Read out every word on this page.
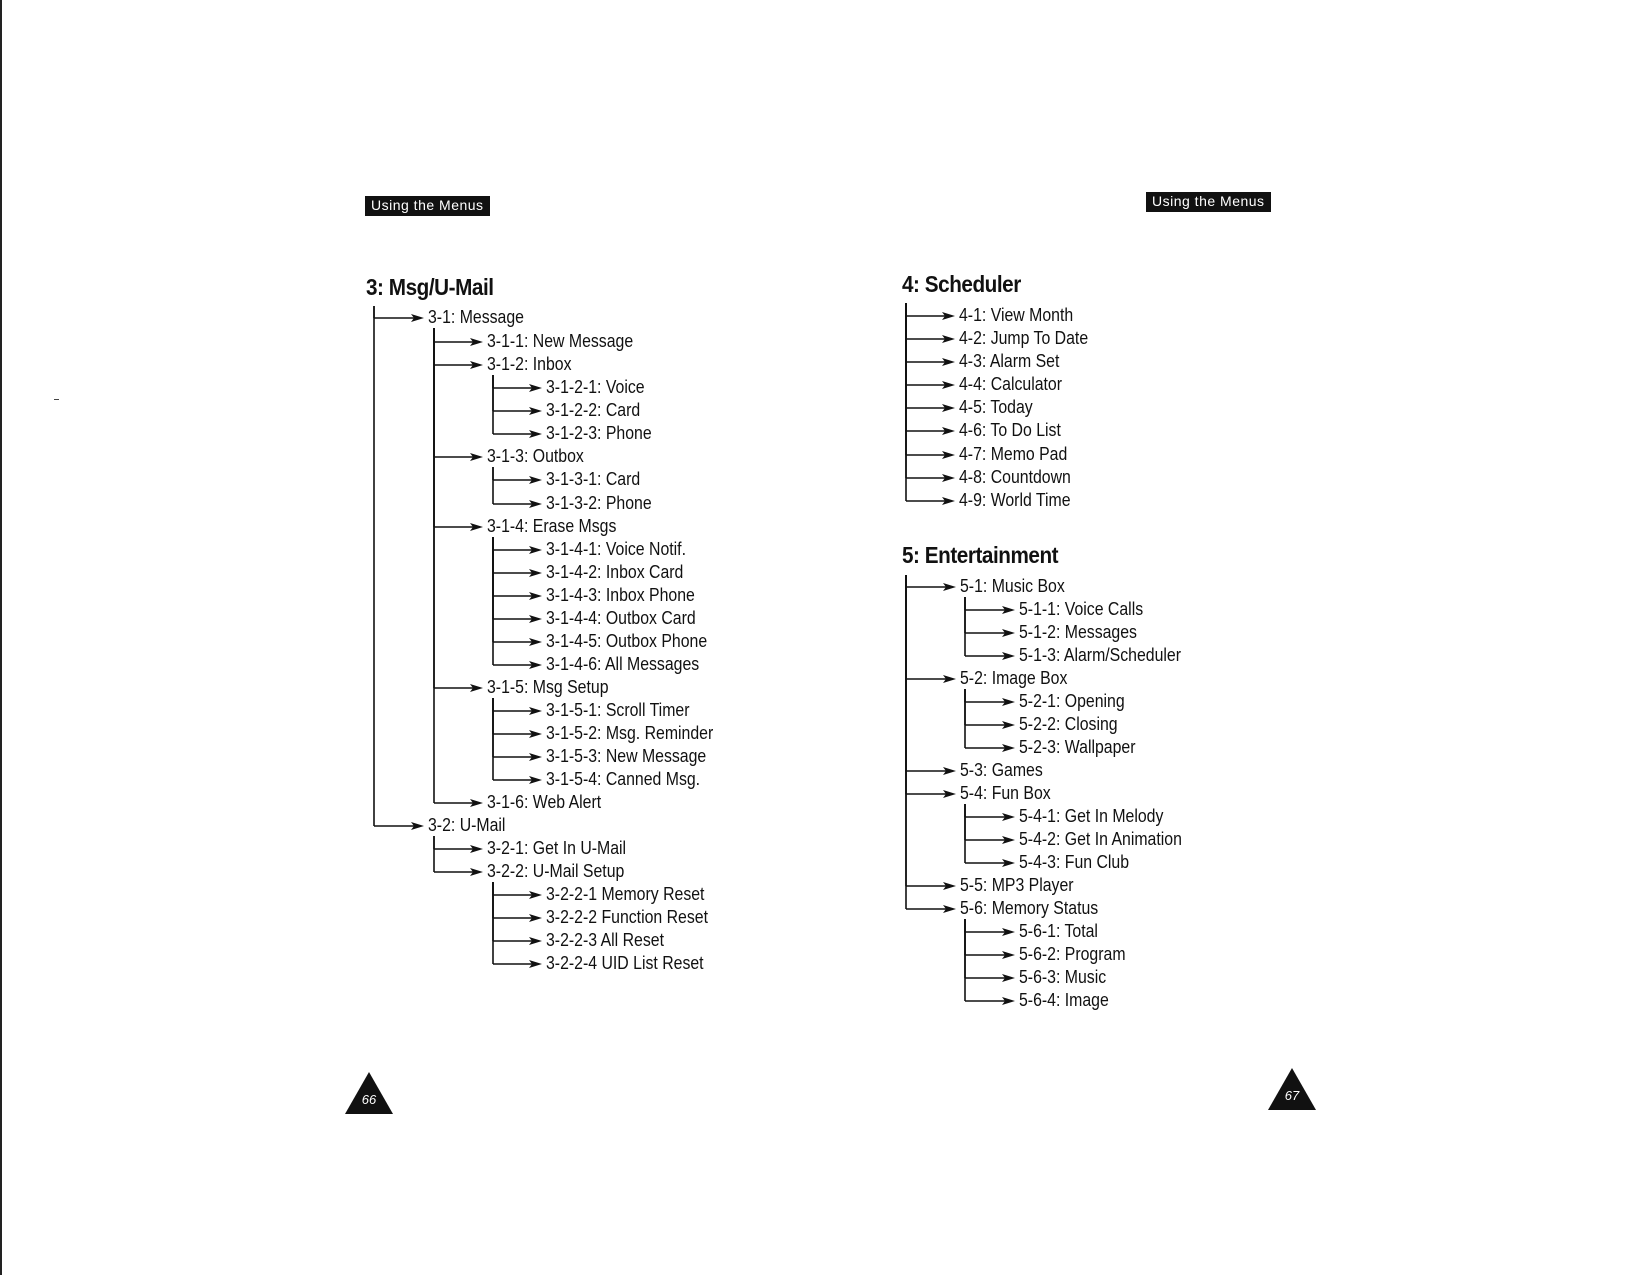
Using the Menus	Using the Menus
3: Msg/U-Mail	4: Scheduler
5: Entertainment
3-1: Message
3-1-1: New Message
3-1-2: Inbox
3-1-2-1: Voice
3-1-2-2: Card
3-1-2-3: Phone
3-1-3: Outbox
3-1-3-1: Card
3-1-3-2: Phone
3-1-4: Erase Msgs
3-1-4-1: Voice Notif.
3-1-4-2: Inbox Card
3-1-4-3: Inbox Phone
3-1-4-4: Outbox Card
3-1-4-5: Outbox Phone
3-1-4-6: All Messages
3-1-5: Msg Setup
3-1-5-1: Scroll Timer
3-1-5-2: Msg. Reminder
3-1-5-3: New Message
3-1-5-4: Canned Msg.
3-1-6: Web Alert
3-2: U-Mail
3-2-1: Get In U-Mail
3-2-2: U-Mail Setup
3-2-2-1 Memory Reset
3-2-2-2 Function Reset
3-2-2-3 All Reset
3-2-2-4 UID List Reset
4-1: View Month
4-2: Jump To Date
4-3: Alarm Set
4-4: Calculator
4-5: Today
4-6: To Do List
4-7: Memo Pad
4-8: Countdown
4-9: World Time
5-1: Music Box
5-1-1: Voice Calls
5-1-2: Messages
5-1-3: Alarm/Scheduler
5-2: Image Box
5-2-1: Opening
5-2-2: Closing
5-2-3: Wallpaper
5-3: Games
5-4: Fun Box
5-4-1: Get In Melody
5-4-2: Get In Animation
5-4-3: Fun Club
5-5: MP3 Player
5-6: Memory Status
5-6-1: Total
5-6-2: Program
5-6-3: Music
5-6-4: Image
66	67
